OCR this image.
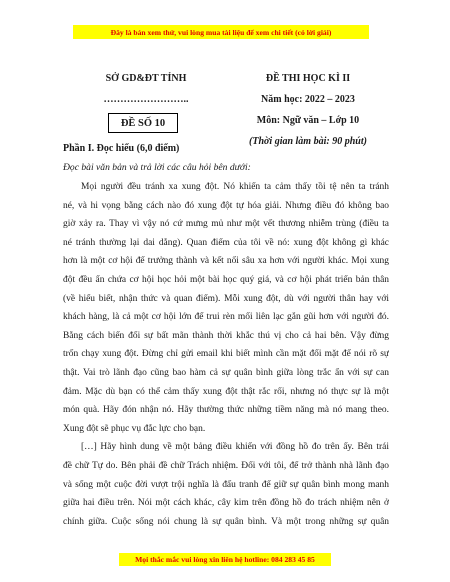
Đây là bản xem thử, vui lòng mua tài liệu để xem chi tiết (có lời giải)
SỞ GD&ĐT TỈNH
……………………..
ĐỀ SỐ 10
ĐỀ THI HỌC KÌ II
Năm học: 2022 – 2023
Môn: Ngữ văn – Lớp 10
(Thời gian làm bài: 90 phút)
Phần I. Đọc hiểu (6,0 điểm)
Đọc bài văn bản và trả lời các câu hỏi bên dưới:
Mọi người đều tránh xa xung đột. Nó khiến ta cảm thấy tồi tệ nên ta tránh
né, và hi vọng bằng cách nào đó xung đột tự hóa giải. Nhưng điều đó không bao
giờ xảy ra. Thay vì vậy nó cứ mưng mủ như một vết thương nhiễm trùng (điều ta
né tránh thường lại dai dẳng). Quan điểm của tôi về nó: xung đột không gì khác
hơn là một cơ hội để trưởng thành và kết nối sâu xa hơn với người khác. Mọi xung
đột đều ẩn chứa cơ hội học hỏi một bài học quý giá, và cơ hội phát triển bản thân
(về hiểu biết, nhận thức và quan điểm). Mỗi xung đột, dù với người thân hay với
khách hàng, là cả một cơ hội lớn để trui rèn mối liên lạc gắn gũi hơn với người đó.
Bằng cách biến đối sự bất mãn thành thời khắc thú vị cho cả hai bên. Vậy đừng
trốn chạy xung đột. Đừng chỉ gửi email khi biết mình cần mặt đối mặt để nói rõ sự
thật. Vai trò lãnh đạo cũng bao hàm cả sự quân bình giữa lòng trắc ẩn với sự can
đảm. Mặc dù bạn có thể cảm thấy xung đột thật rắc rối, nhưng nó thực sự là một
món quà. Hãy đón nhận nó. Hãy thường thức những tiềm năng mà nó mang theo.
Xung đột sẽ phục vụ đắc lực cho bạn.
[…] Hãy hình dung về một bảng điều khiển với đồng hồ đo trên ấy. Bên trái
đề chữ Tự do. Bên phải đề chữ Trách nhiệm. Đối với tôi, để trở thành nhà lãnh đạo
và sống một cuộc đời vượt trội nghĩa là đấu tranh để giữ sự quân bình mong manh
giữa hai điều trên. Nói một cách khác, cây kim trên đồng hồ đo trách nhiệm nên ở
chính giữa. Cuộc sống nói chung là sự quân bình. Và một trong những sự quân
Mọi thắc mắc vui lòng xin liên hệ hotline: 084 283 45 85
